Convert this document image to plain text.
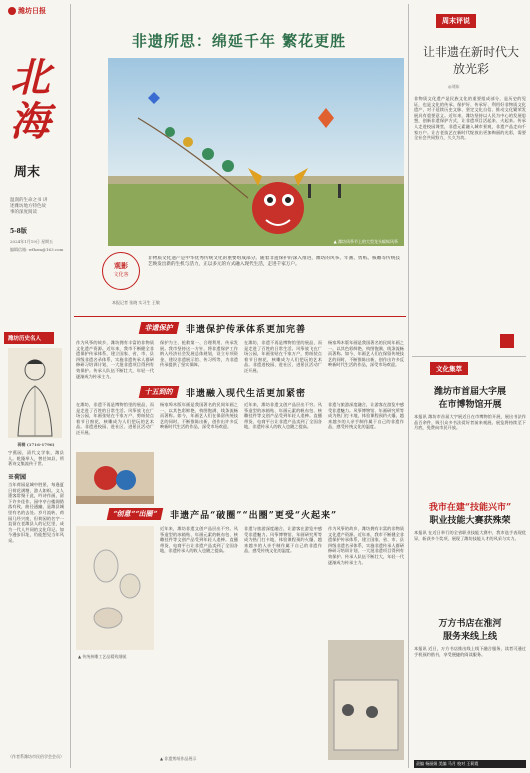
潍坊日报
北
海
周末
温润的生命之书 讲述潍坊地方特色故事的深度阅读
5-8版
2024年1月19日 星期五
编辑信箱: wfhzm@163.com
潍坊历史名人
蒋桐 (1716-1796)
字蕉园，清代文学家，潍县人。乾隆举人，曾任知县，所著诗文集流传于世。
※荷园
当年荷园是城中胜景，每逢夏日荷花满塘，游人如织。文人墨客常聚于此，吟诗作画，留下许多佳作。园中亭台楼阁错落有致，曲径通幽，是潍县城里有名的去处。岁月流转，荷园几经兴废，但荷园的名字一直留在老潍县人的记忆里，成为一代人共同的文化印记。如今漫步旧址，仍能想见当年风采。
（作者系潍坊市民俗学会会员）
非遗所思：绵延千年 繁花更胜
▲ 潍坊风筝节上的大型龙头蜈蚣风筝
观影
文化客
非物质文化遗产是中华优秀传统文化的重要组成部分。随着非遗保护的深入推进，潍坊的风筝、年画、剪纸、核雕等传统技艺焕发出新的生机与活力，正以多元的方式融入现代生活，走进千家万户。
本报记者 张晓 实习生 王敏
非遗保护	非遗保护传承体系更加完善
作为风筝的故乡，潍坊拥有丰富的非物质文化遗产资源。近年来，我市不断健全非遗保护传承体系，建立国家、省、市、县四级非遗名录体系，实施非遗传承人群研修研习培训计划，一大批非遗项目得到有效保护。传承人队伍不断壮大，年轻一代逐渐成为传承主力。
保护为主、抢救第一、合理利用、传承发展。我市坚持这一方针，将非遗保护工作纳入经济社会发展总体规划，设立专项资金，建设非遗展示馆、传习所等，为非遗传承提供了坚实保障。
在潍坊，非遗不再是博物馆里的展品，而是走进了百姓的日常生活。风筝放飞在广场公园，年画张贴在千家万户，剪纸装点着节日窗花，核雕成为人们把玩的艺术品。非遗进校园、进社区、进景区活动广泛开展。
杨家埠木版年画是我国著名的民间年画之一，以其色彩鲜艳、构图饱满、线条流畅而著称。如今，年画艺人们在保留传统技艺的同时，不断推陈出新，创作出许多反映新时代生活的作品，深受市场欢迎。
十五到的	非遗融入现代生活更加紧密
在潍坊，非遗不再是博物馆里的展品，而是走进了百姓的日常生活。风筝放飞在广场公园，年画张贴在千家万户，剪纸装点着节日窗花，核雕成为人们把玩的艺术品。非遗进校园、进社区、进景区活动广泛开展。
杨家埠木版年画是我国著名的民间年画之一，以其色彩鲜艳、构图饱满、线条流畅而著称。如今，年画艺人们在保留传统技艺的同时，不断推陈出新，创作出许多反映新时代生活的作品，深受市场欢迎。
近年来，潍坊非遗文创产品层出不穷。风筝造型的冰箱贴、年画元素的帆布包、核雕挂件等文创产品受到年轻人追捧。直播带货、电商平台让非遗产品卖到了全国各地，非遗传承人的收入也随之提高。
非遗与旅游深度融合，让游客在游览中感受非遗魅力。风筝博物馆、年画研究所等成为热门打卡地，体验课程预约火爆，越来越多的人亲手制作属于自己的非遗作品，感受传统文化的温度。
“创意”“出圈”	非遗产品“破圈”“出圈”更受“火起来”
▲ 传统核雕工艺品精致细腻
近年来，潍坊非遗文创产品层出不穷。风筝造型的冰箱贴、年画元素的帆布包、核雕挂件等文创产品受到年轻人追捧。直播带货、电商平台让非遗产品卖到了全国各地，非遗传承人的收入也随之提高。
非遗与旅游深度融合，让游客在游览中感受非遗魅力。风筝博物馆、年画研究所等成为热门打卡地，体验课程预约火爆，越来越多的人亲手制作属于自己的非遗作品，感受传统文化的温度。
作为风筝的故乡，潍坊拥有丰富的非物质文化遗产资源。近年来，我市不断健全非遗保护传承体系，建立国家、省、市、县四级非遗名录体系，实施非遗传承人群研修研习培训计划，一大批非遗项目得到有效保护。传承人队伍不断壮大，年轻一代逐渐成为传承主力。
▲ 非遗剪纸作品展示
周末评说
让非遗在新时代大放光彩
◎刘东
非物质文化遗产是民族文化的重要组成部分，是历史的见证，也是文化的传承。保护好、传承好、利用好非物质文化遗产，对于延续历史文脉、坚定文化自信、推动文化繁荣发展具有重要意义。近年来，潍坊坚持以人民为中心的发展思想，创新非遗保护方式，让非遗项目活起来、火起来。传承人走进校园课堂，非遗元素融入城市景观，非遗产品走向千家万户。让古老技艺在新时代绽放出更加绚丽的光彩，需要全社会共同努力，久久为功。
文化集萃
潍坊市首届大字展
在市博物馆开展
本报讯 潍坊市首届大字展近日在市博物馆开展，展出书法作品百余件，吸引众多书法爱好者前来观展。展览将持续至下月底，免费向市民开放。
我市在建“技能兴市”
职业技能大赛获殊荣
本报讯 在近日举行的全省职业技能大赛中，我市选手表现优异，斩获多个奖项，展现了潍坊技能人才的风采与实力。
万方书店在淮河
服务来线上线
本报讯 近日，万方书店推出线上线下融合服务，读者可通过手机预约借书，享受便捷的阅读服务。
责编 杨丽娟 美编 马月 校对 王莉霞
